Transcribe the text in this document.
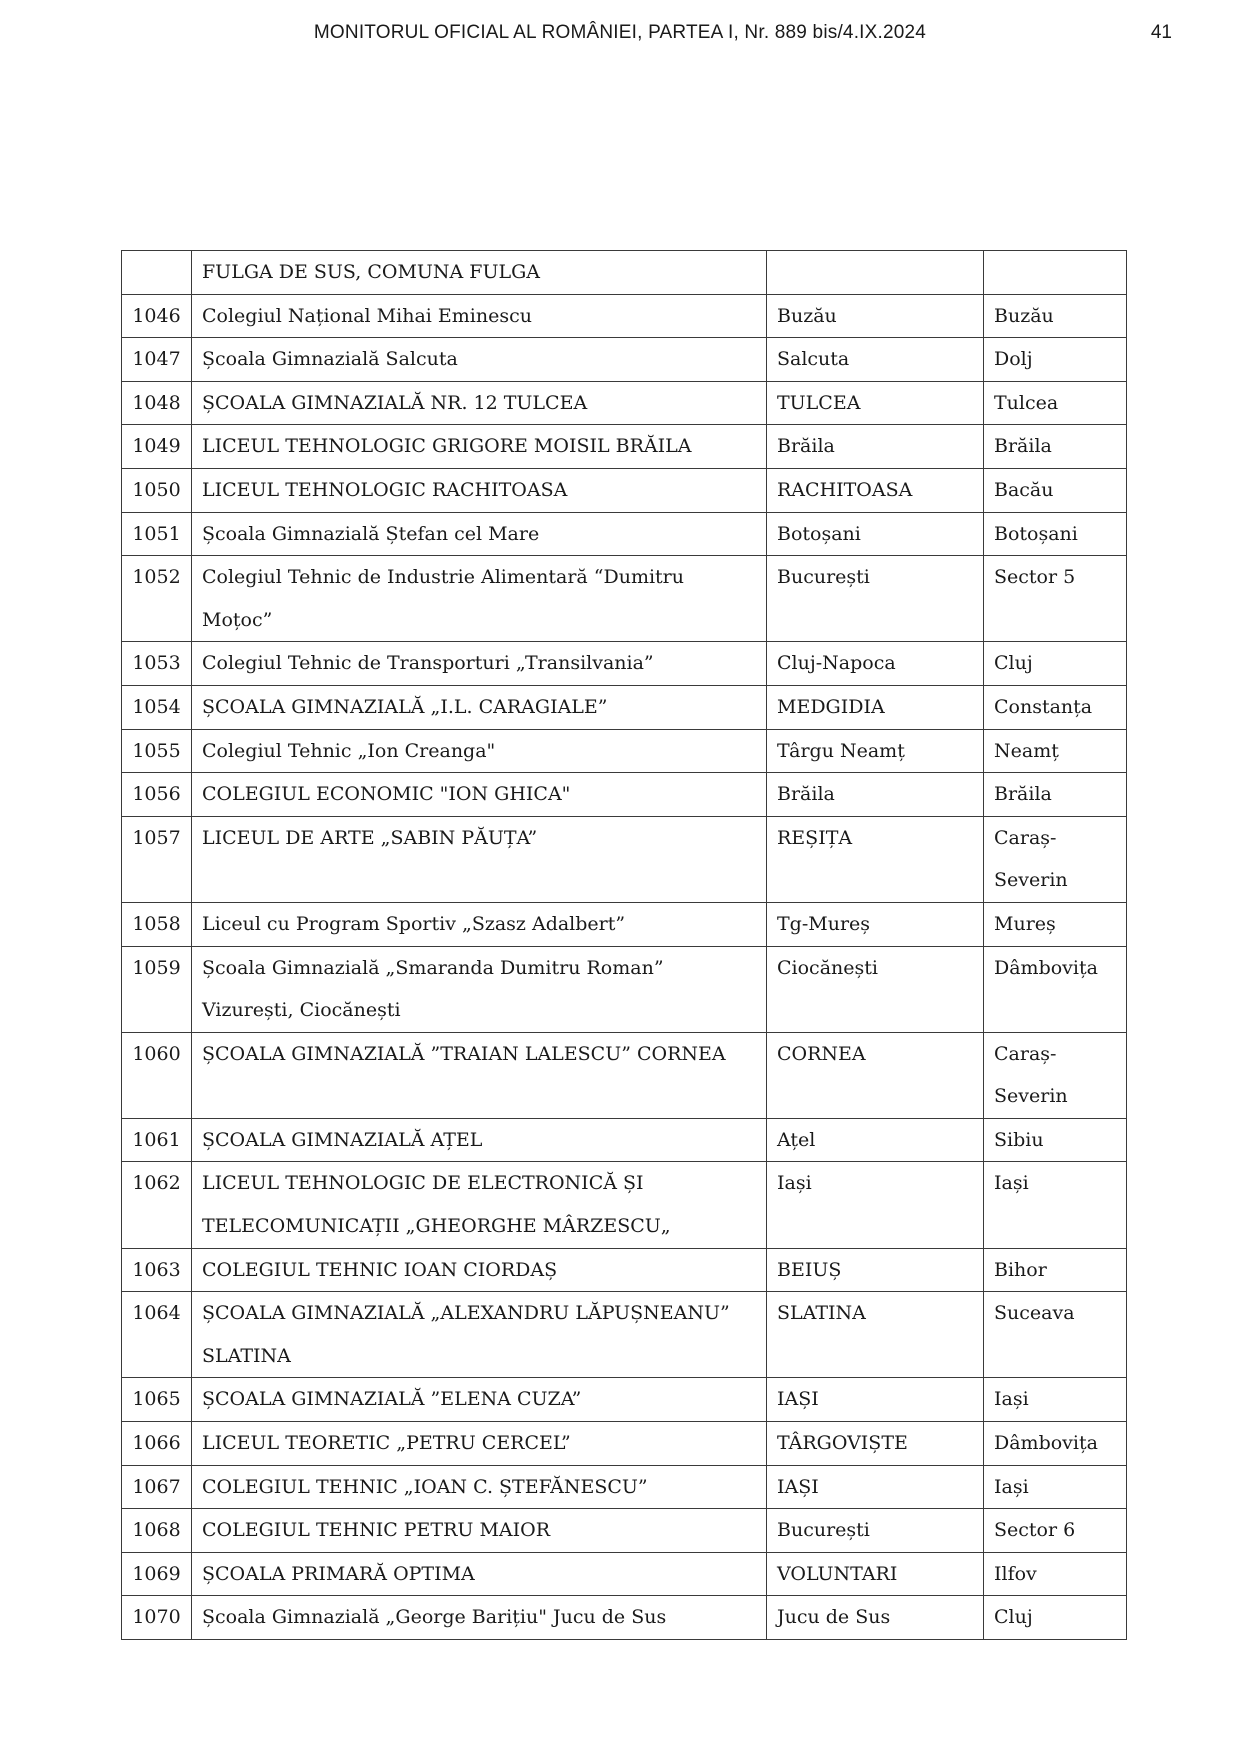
MONITORUL OFICIAL AL ROMÂNIEI, PARTEA I, Nr. 889 bis/4.IX.2024	41
	FULGA DE SUS, COMUNA FULGA		
1046	Colegiul Național Mihai Eminescu	Buzău	Buzău
1047	Școala Gimnazială Salcuta	Salcuta	Dolj
1048	ȘCOALA GIMNAZIALĂ NR. 12 TULCEA	TULCEA	Tulcea
1049	LICEUL TEHNOLOGIC GRIGORE MOISIL BRĂILA	Brăila	Brăila
1050	LICEUL TEHNOLOGIC RACHITOASA	RACHITOASA	Bacău
1051	Școala Gimnazială Ștefan cel Mare	Botoșani	Botoșani
1052	Colegiul Tehnic de Industrie Alimentară “Dumitru Moțoc”	București	Sector 5
1053	Colegiul Tehnic de Transporturi „Transilvania”	Cluj-Napoca	Cluj
1054	ȘCOALA GIMNAZIALĂ „I.L. CARAGIALE”	MEDGIDIA	Constanța
1055	Colegiul Tehnic „Ion Creanga"	Târgu Neamț	Neamț
1056	COLEGIUL ECONOMIC "ION GHICA"	Brăila	Brăila
1057	LICEUL DE ARTE „SABIN PĂUȚA”	REȘIȚA	Caraș-Severin
1058	Liceul cu Program Sportiv „Szasz Adalbert”	Tg-Mureș	Mureș
1059	Școala Gimnazială „Smaranda Dumitru Roman” Vizurești, Ciocănești	Ciocănești	Dâmbovița
1060	ȘCOALA GIMNAZIALĂ ”TRAIAN LALESCU” CORNEA	CORNEA	Caraș-Severin
1061	ȘCOALA GIMNAZIALĂ AȚEL	Ațel	Sibiu
1062	LICEUL TEHNOLOGIC DE ELECTRONICĂ ȘI TELECOMUNICAȚII „GHEORGHE MÂRZESCU„	Iași	Iași
1063	COLEGIUL TEHNIC IOAN CIORDAȘ	BEIUȘ	Bihor
1064	ȘCOALA GIMNAZIALĂ „ALEXANDRU LĂPUȘNEANU” SLATINA	SLATINA	Suceava
1065	ȘCOALA GIMNAZIALĂ ”ELENA CUZA”	IAȘI	Iași
1066	LICEUL TEORETIC „PETRU CERCEL”	TÂRGOVIȘTE	Dâmbovița
1067	COLEGIUL TEHNIC „IOAN C. ȘTEFĂNESCU”	IAȘI	Iași
1068	COLEGIUL TEHNIC PETRU MAIOR	București	Sector 6
1069	ȘCOALA PRIMARĂ OPTIMA	VOLUNTARI	Ilfov
1070	Școala Gimnazială „George Barițiu" Jucu de Sus	Jucu de Sus	Cluj
